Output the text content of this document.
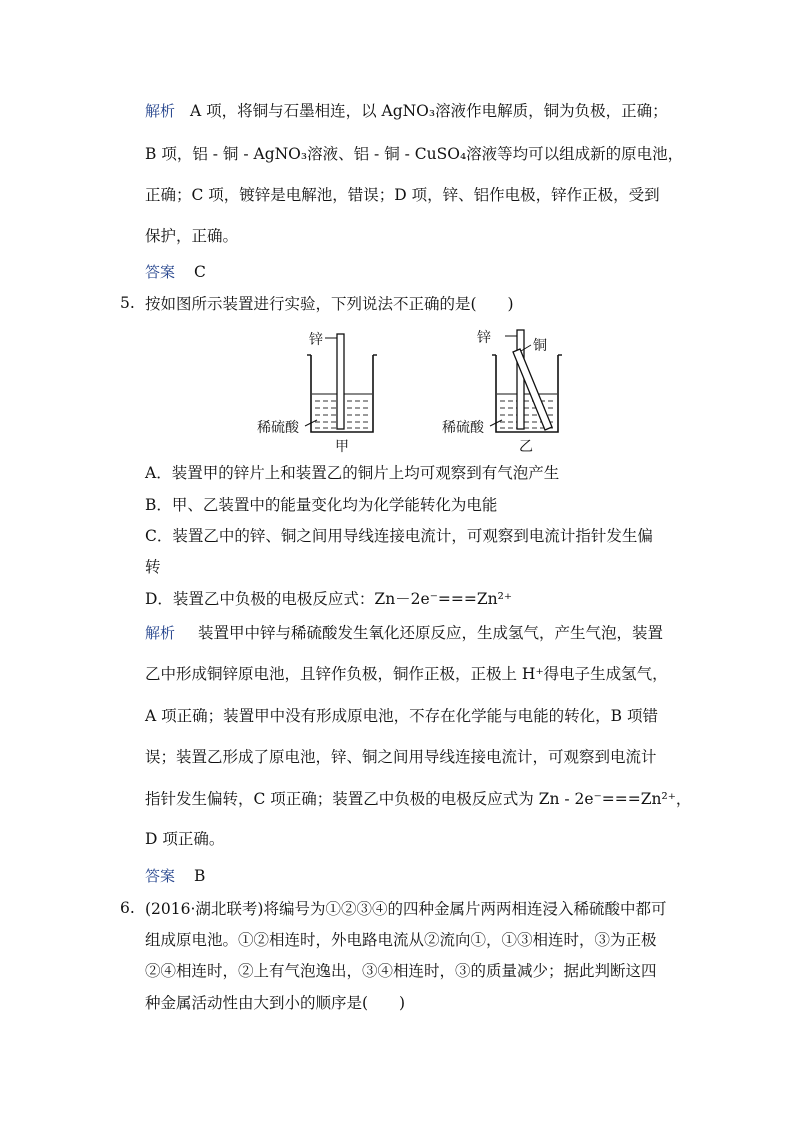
解析 A 项，将铜与石墨相连，以 AgNO₃溶液作电解质，铜为负极，正确；
B 项，铝 - 铜 - AgNO₃溶液、铝 - 铜 - CuSO₄溶液等均可以组成新的原电池，
正确；C 项，镀锌是电解池，错误；D 项，锌、铝作电极，锌作正极，受到
保护，正确。
答案 C
5. 按如图所示装置进行实验，下列说法不正确的是(　　)
锌
稀硫酸
甲
锌	铜
稀硫酸
乙
A．装置甲的锌片上和装置乙的铜片上均可观察到有气泡产生
B．甲、乙装置中的能量变化均为化学能转化为电能
C．装置乙中的锌、铜之间用导线连接电流计，可观察到电流计指针发生偏
转
D．装置乙中负极的电极反应式：Zn－2e⁻===Zn²⁺
解析 装置甲中锌与稀硫酸发生氧化还原反应，生成氢气，产生气泡，装置
乙中形成铜锌原电池，且锌作负极，铜作正极，正极上 H⁺得电子生成氢气，
A 项正确；装置甲中没有形成原电池，不存在化学能与电能的转化，B 项错
误；装置乙形成了原电池，锌、铜之间用导线连接电流计，可观察到电流计
指针发生偏转，C 项正确；装置乙中负极的电极反应式为 Zn - 2e⁻===Zn²⁺，
D 项正确。
答案 B
6. (2016·湖北联考)将编号为①②③④的四种金属片两两相连浸入稀硫酸中都可
组成原电池。①②相连时，外电路电流从②流向①，①③相连时，③为正极
②④相连时，②上有气泡逸出，③④相连时，③的质量减少；据此判断这四
种金属活动性由大到小的顺序是(　　)
